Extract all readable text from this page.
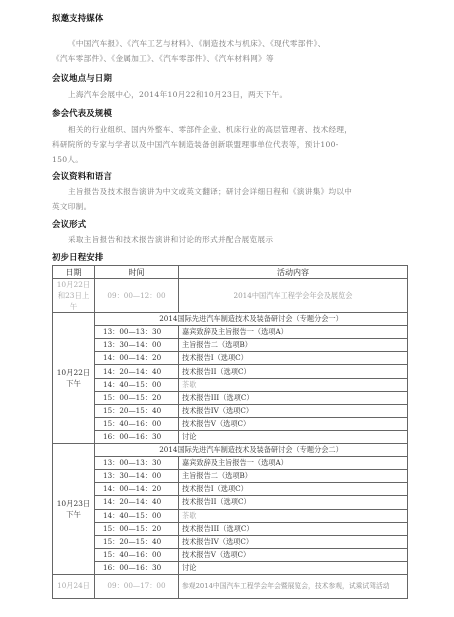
拟邀支持媒体
《中国汽车报》、《汽车工艺与材料》、《制造技术与机床》、《现代零部件》、
《汽车零部件》、《金属加工》、《汽车零部件》、《汽车材料网》等
会议地点与日期
上海汽车会展中心，2014年10月22和10月23日，两天下午。
参会代表及规模
相关的行业组织、国内外整车、零部件企业、机床行业的高层管理者、技术经理，
科研院所的专家与学者以及中国汽车制造装备创新联盟理事单位代表等，预计100-
150人。
会议资料和语言
主旨报告及技术报告演讲为中文或英文翻译；研讨会详细日程和《演讲集》均以中
英文印制。
会议形式
采取主旨报告和技术报告演讲和讨论的形式并配合展览展示
初步日程安排
日期	时间	活动内容
10月22日和23日上午	09：00—12：00	2014中国汽车工程学会年会及展览会
10月22日
下午	2014国际先进汽车制造技术及装备研讨会（专题分会一）	
	13：00—13：30	嘉宾致辞及主旨报告一（选项A）
	13：30—14：00	主旨报告二（选项B）
	14：00—14：20	技术报告I（选项C）
	14：20—14：40	技术报告II（选项C）
	14：40—15：00	茶歇
	15：00—15：20	技术报告III（选项C）
	15：20—15：40	技术报告IV（选项C）
	15：40—16：00	技术报告V（选项C）
	16：00—16：30	讨论
10月23日
下午	2014国际先进汽车制造技术及装备研讨会（专题分会二）	
	13：00—13：30	嘉宾致辞及主旨报告一（选项A）
	13：30—14：00	主旨报告二（选项B）
	14：00—14：20	技术报告I（选项C）
	14：20—14：40	技术报告II（选项C）
	14：40—15：00	茶歇
	15：00—15：20	技术报告III（选项C）
	15：20—15：40	技术报告IV（选项C）
	15：40—16：00	技术报告V（选项C）
	16：00—16：30	讨论
10月24日	09：00—17：00	参观2014中国汽车工程学会年会暨展览会，技术参观，试乘试驾活动
